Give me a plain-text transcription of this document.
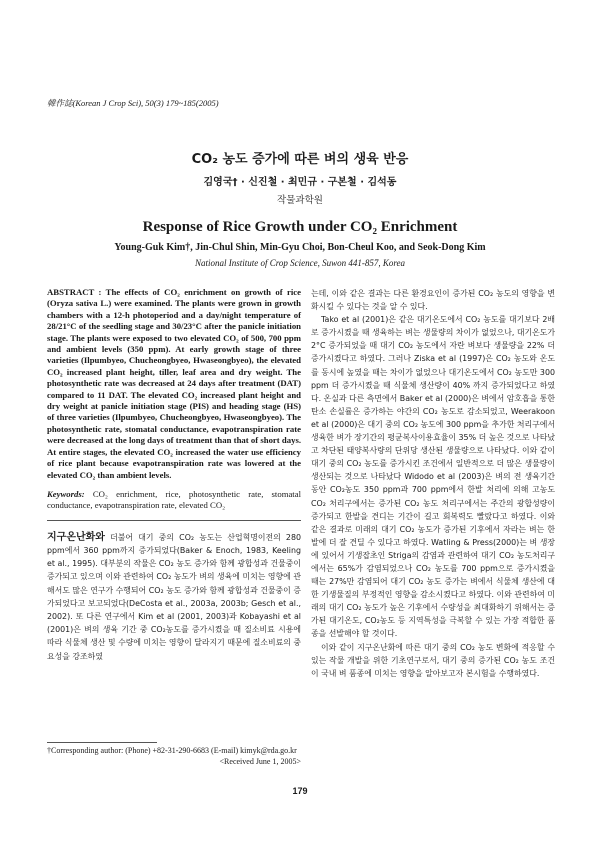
韓作誌(Korean J Crop Sci), 50(3) 179~185(2005)
CO₂ 농도 증가에 따른 벼의 생육 반응
김영국† · 신진철 · 최민규 · 구본철 · 김석동
작물과학원
Response of Rice Growth under CO₂ Enrichment
Young-Guk Kim†, Jin-Chul Shin, Min-Gyu Choi, Bon-Cheul Koo, and Seok-Dong Kim
National Institute of Crop Science, Suwon 441-857, Korea

ABSTRACT : The effects of CO₂ enrichment on growth of rice (Oryza sativa L.) were examined. The plants were grown in growth chambers with a 12-h photoperiod and a day/night temperature of 28/21°C of the seedling stage and 30/23°C after the panicle initiation stage. The plants were exposed to two elevated CO₂ of 500, 700 ppm and ambient levels (350 ppm). At early growth stage of three varieties (Ilpumbyeo, Chucheongbyeo, Hwaseongbyeo), the elevated CO₂ increased plant height, tiller, leaf area and dry weight. The photosynthetic rate was decreased at 24 days after treatment (DAT) compared to 11 DAT. The elevated CO₂ increased plant height and dry weight at panicle initiation stage (PIS) and heading stage (HS) of three varieties (Ilpumbyeo, Chucheongbyeo, Hwaseongbyeo). The photosynthetic rate, stomatal conductance, evapotranspiration rate were decreased at the long days of treatment than that of short days. At entire stages, the elevated CO₂ increased the water use efficiency of rice plant because evapotranspiration rate was lowered at the elevated CO₂ than ambient levels.

Keywords: CO₂ enrichment, rice, photosynthetic rate, stomatal conductance, evapotranspiration rate, elevated CO₂

지구온난화와 더불어 대기 중의 CO₂ 농도는 산업혁명이전의 280 ppm에서 360 ppm까지 증가되었다(Baker & Enoch, 1983, Keeling et al., 1995). 대부분의 작물은 CO₂ 농도 증가와 함께 광합성과 건물중이 증가되고 있으며 이와 관련하여 CO₂ 농도가 벼의 생육에 미치는 영향에 관해서도 많은 연구가 수행되어 CO₂ 농도 증가와 함께 광합성과 건물중이 증가되었다고 보고되었다(DeCosta et al., 2003a, 2003b; Gesch et al., 2002). 또 다른 연구에서 Kim et al (2001, 2003)과 Kobayashi et al (2001)은 벼의 생육 기간 중 CO₂농도를 증가시켰을 때 질소비료 시용에 따라 식물체 생산 및 수량에 미치는 영향이 달라지기 때문에 질소비료의 중요성을 강조하였

는데, 이와 같은 결과는 다른 환경요인이 증가된 CO₂ 농도의 영향을 변화시킬 수 있다는 것을 알 수 있다.

Tako et al (2001)은 같은 대기온도에서 CO₂ 농도를 대기보다 2배로 증가시켰을 때 생육하는 벼는 생물량의 차이가 없었으나, 대기온도가 2°C 증가되었을 때 대기 CO₂ 농도에서 자란 벼보다 생물량을 22% 더 증가시켰다고 하였다. 그러나 Ziska et al (1997)은 CO₂ 농도와 온도를 동시에 높였을 때는 차이가 없었으나 대기온도에서 CO₂ 농도만 300 ppm 더 증가시켰을 때 식물체 생산량이 40% 까지 증가되었다고 하였다. 온실과 다른 측면에서 Baker et al (2000)은 벼에서 암호흡을 통한 탄소 손실률은 증가하는 야간의 CO₂ 농도로 감소되었고, Weerakoon et al (2000)은 대기 중의 CO₂ 농도에 300 ppm을 추가한 처리구에서 생육한 벼가 장기간의 평균복사이용효율이 35% 더 높은 것으로 나타났고 차단된 태양복사량의 단위당 생산된 생물량으로 나타났다. 이와 같이 대기 중의 CO₂ 농도를 증가시킨 조건에서 일반적으로 더 많은 생물량이 생산되는 것으로 나타났다 Widodo et al (2003)은 벼의 전 생육기간 동안 CO₂농도 350 ppm과 700 ppm에서 한발 처리에 의해 고농도 CO₂ 처리구에서는 증가된 CO₂ 농도 처리구에서는 주간의 광합성량이 증가되고 한발을 견디는 기간이 길고 회복력도 빨랐다고 하였다. 이와 같은 결과로 미래의 대기 CO₂ 농도가 증가된 기후에서 자라는 벼는 한발에 더 잘 견딜 수 있다고 하였다. Watling & Press(2000)는 벼 생장에 있어서 기생잡초인 Striga의 감염과 관련하여 대기 CO₂ 농도처리구에서는 65%가 감염되었으나 CO₂ 농도를 700 ppm으로 증가시켰을 때는 27%만 감염되어 대기 CO₂ 농도 증가는 벼에서 식물체 생산에 대한 기생물질의 부정적인 영향을 감소시켰다고 하였다. 이와 관련하여 미래의 대기 CO₂ 농도가 높은 기후에서 수량성을 최대화하기 위해서는 증가된 대기온도, CO₂농도 등 지역특성을 극복할 수 있는 가장 적합한 품종을 선발해야 할 것이다.

이와 같이 지구온난화에 따른 대기 중의 CO₂ 농도 변화에 적응할 수 있는 작물 개발을 위한 기초연구로서, 대기 중의 증가된 CO₂ 농도 조건이 국내 벼 품종에 미치는 영향을 알아보고자 본시험을 수행하였다.

†Corresponding author: (Phone) +82-31-290-6683 (E-mail) kimyk@rda.go.kr
<Received June 1, 2005>
179
